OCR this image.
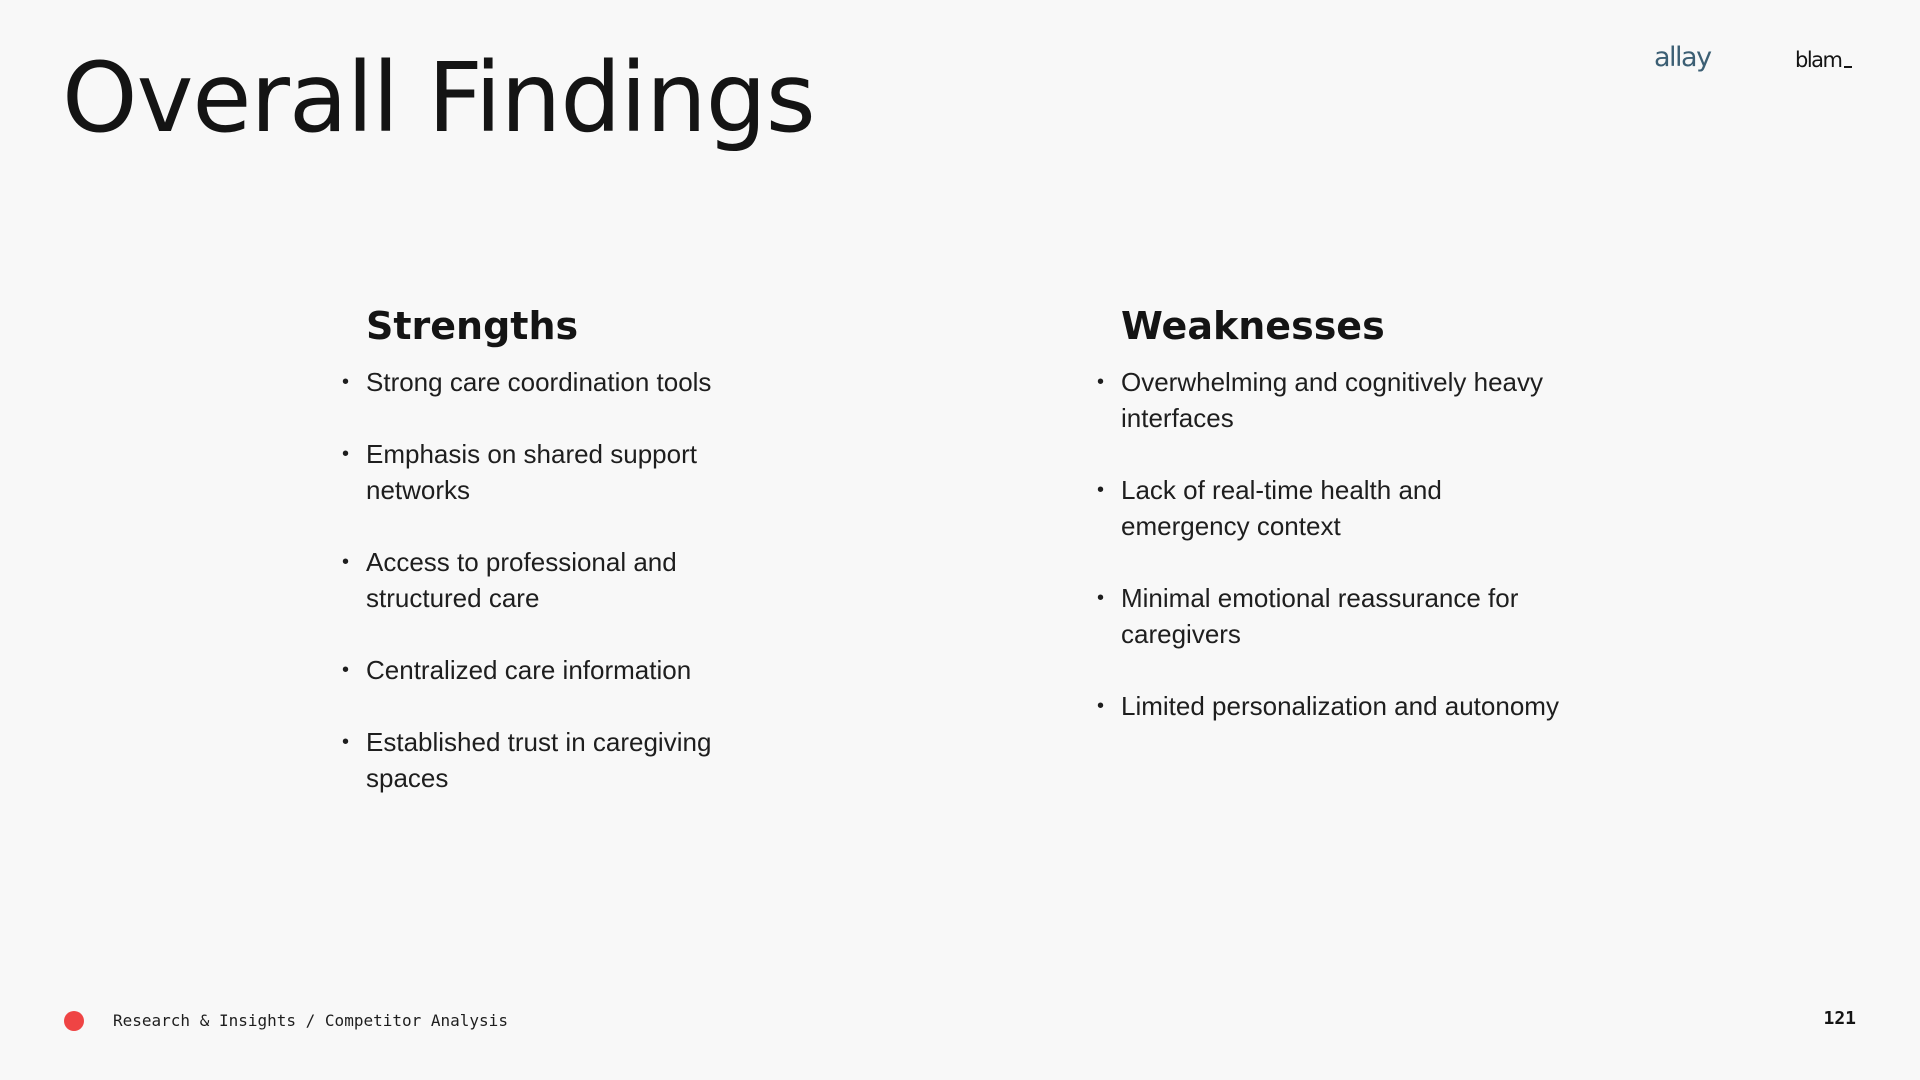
Overall Findings	allay	blam
Strengths
• Strong care coordination tools
• Emphasis on shared support networks
• Access to professional and structured care
• Centralized care information
• Established trust in caregiving spaces
Weaknesses
• Overwhelming and cognitively heavy interfaces
• Lack of real-time health and emergency context
• Minimal emotional reassurance for caregivers
• Limited personalization and autonomy
Research & Insights / Competitor Analysis	121
